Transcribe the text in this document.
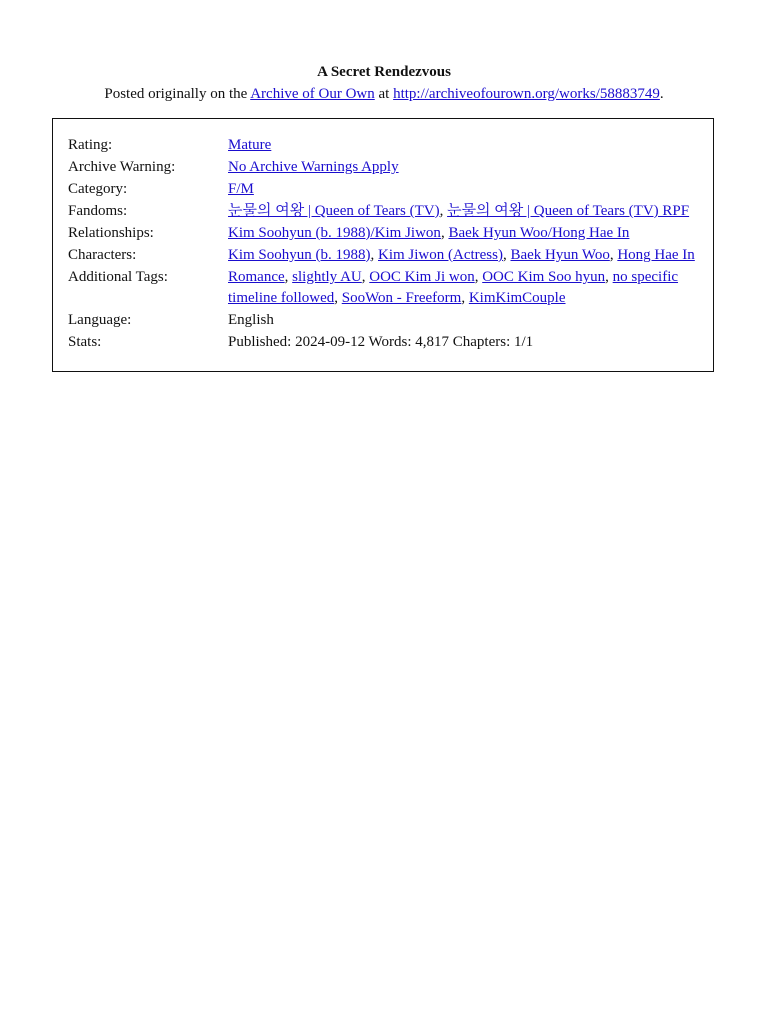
A Secret Rendezvous
Posted originally on the Archive of Our Own at http://archiveofourown.org/works/58883749.
Rating:	Mature
Archive Warning:	No Archive Warnings Apply
Category:	F/M
Fandoms:	눈물의 여왕 | Queen of Tears (TV), 눈물의 여왕 | Queen of Tears (TV) RPF
Relationships:	Kim Soohyun (b. 1988)/Kim Jiwon, Baek Hyun Woo/Hong Hae In
Characters:	Kim Soohyun (b. 1988), Kim Jiwon (Actress), Baek Hyun Woo, Hong Hae In
Additional Tags:	Romance, slightly AU, OOC Kim Ji won, OOC Kim Soo hyun, no specific timeline followed, SooWon - Freeform, KimKimCouple
Language:	English
Stats:	Published: 2024-09-12 Words: 4,817 Chapters: 1/1
